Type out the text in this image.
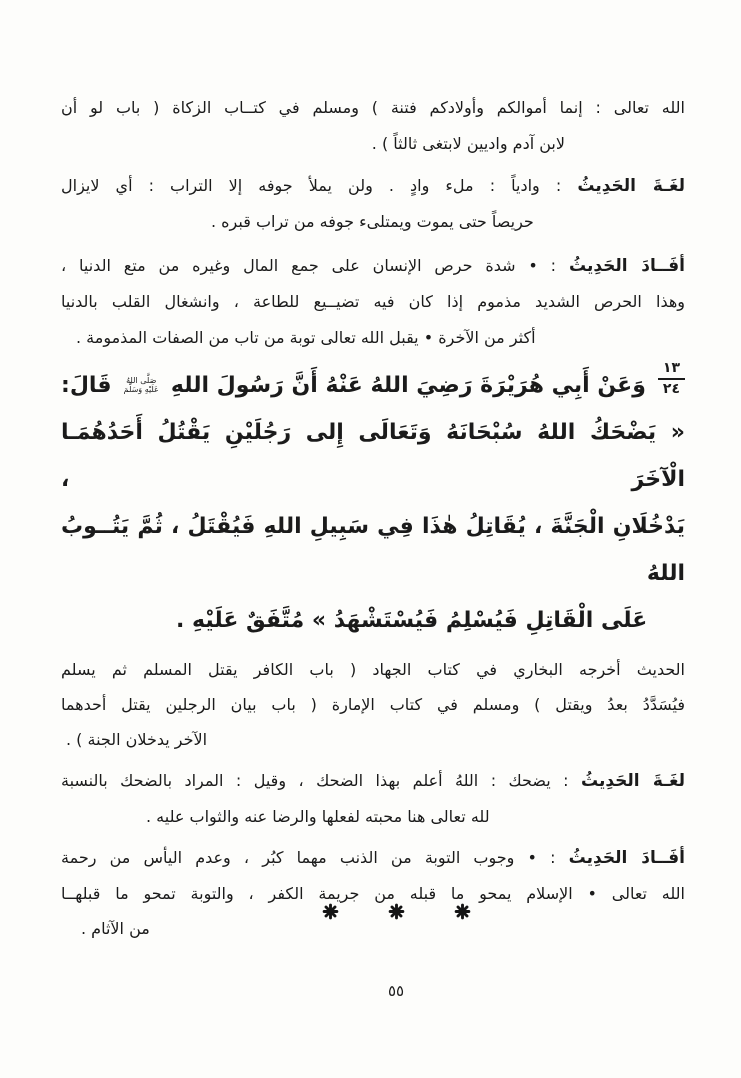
الله تعالى : إنما أموالكم وأولادكم فتنة ) ومسلم في كتــاب الزكاة ( باب لو أن
لابن آدم واديين لابتغى ثالثاً ) .
لغَـةَ الحَدِيثُ : وادياً : ملء وادٍ . ولن يملأ جوفه إلا التراب : أي لايزال
حريصاً حتى يموت ويمتلىء جوفه من تراب قبره .
أفَــادَ الحَدِيثُ : • شدة حرص الإنسان على جمع المال وغيره من متع الدنيا ،
وهذا الحرص الشديد مذموم إذا كان فيه تضيــيع للطاعة ، وانشغال القلب بالدنيا
أكثر من الآخرة • يقبل الله تعالى توبة من تاب من الصفات المذمومة .
١٣
٢٤
وَعَنْ أَبِي هُرَيْرَةَ رَضِيَ اللهُ عَنْهُ أَنَّ رَسُولَ اللهِ
صَلَّى اللهُ
عَلَيْهِ وَسَلَّمَ
قَالَ:
« يَضْحَكُ اللهُ سُبْحَانَهُ وَتَعَالَى إِلى رَجُلَيْنِ يَقْتُلُ أَحَدُهُمَـا الْآخَرَ ،
يَدْخُلَانِ الْجَنَّةَ ، يُقَاتِلُ هٰذَا فِي سَبِيلِ اللهِ فَيُقْتَلُ ، ثُمَّ يَتُــوبُ اللهُ
عَلَى الْقَاتِلِ فَيُسْلِمُ فَيُسْتَشْهَدُ » مُتَّفَقٌ عَلَيْهِ .
الحديث أخرجه البخاري في كتاب الجهاد ( باب الكافر يقتل المسلم ثم يسلم
فيُسَدَّدُ بعدُ ويقتل ) ومسلم في كتاب الإمارة ( باب بيان الرجلين يقتل أحدهما
الآخر يدخلان الجنة ) .
لغَـةَ الحَدِيثُ : يضحك : اللهُ أعلم بهذا الضحك ، وقيل : المراد بالضحك بالنسبة
لله تعالى هنا محبته لفعلها والرضا عنه والثواب عليه .
أفَــادَ الحَدِيثُ : • وجوب التوبة من الذنب مهما كبُر ، وعدم اليأس من رحمة
الله تعالى • الإسلام يمحو ما قبله من جريمة الكفر ، والتوبة تمحو ما قبلهــا
من الآثام .
٥٥
